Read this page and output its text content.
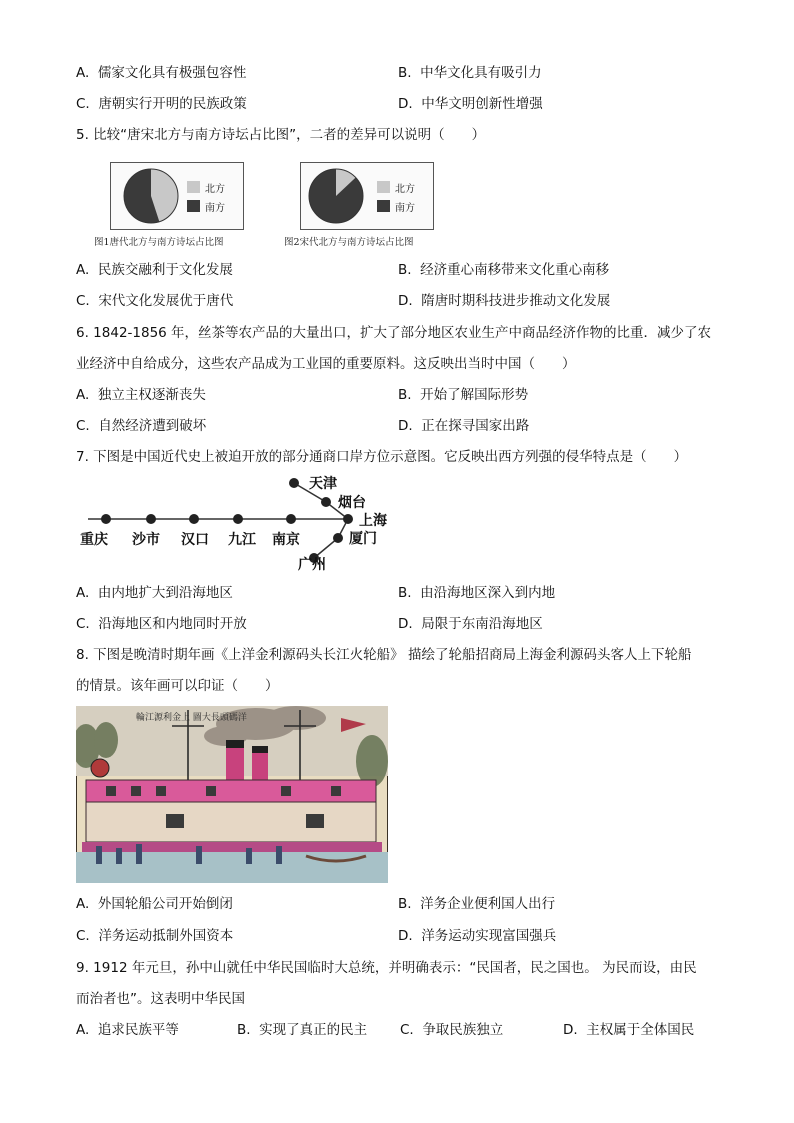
A. 儒家文化具有极强包容性	B. 中华文化具有吸引力
C. 唐朝实行开明的民族政策	D. 中华文明创新性增强
5. 比较“唐宋北方与南方诗坛占比图”，二者的差异可以说明（　　）
北方
南方
图1唐代北方与南方诗坛占比图
北方
南方
图2宋代北方与南方诗坛占比图
A. 民族交融利于文化发展	B. 经济重心南移带来文化重心南移
C. 宋代文化发展优于唐代	D. 隋唐时期科技进步推动文化发展
6. 1842-1856 年，丝茶等农产品的大量出口，扩大了部分地区农业生产中商品经济作物的比重．减少了农
业经济中自给成分，这些农产品成为工业国的重要原料。这反映出当时中国（　　）
A. 独立主权逐渐丧失	B. 开始了解国际形势
C. 自然经济遭到破坏	D. 正在探寻国家出路
7. 下图是中国近代史上被迫开放的部分通商口岸方位示意图。它反映出西方列强的侵华特点是（　　）
天津
烟台
上海
厦门
广州
重庆 沙市 汉口 九江 南京
A. 由内地扩大到沿海地区	B. 由沿海地区深入到内地
C. 沿海地区和内地同时开放	D. 局限于东南沿海地区
8. 下图是晚清时期年画《上洋金利源码头长江火轮船》 描绘了轮船招商局上海金利源码头客人上下轮船
的情景。该年画可以印证（　　）
輪江源利金上 圖大長頭碼洋
A. 外国轮船公司开始倒闭	B. 洋务企业便利国人出行
C. 洋务运动抵制外国资本	D. 洋务运动实现富国强兵
9. 1912 年元旦，孙中山就任中华民国临时大总统，并明确表示：“民国者，民之国也。 为民而设，由民
而治者也”。这表明中华民国
A. 追求民族平等	B. 实现了真正的民主 C. 争取民族独立	D. 主权属于全体国民
